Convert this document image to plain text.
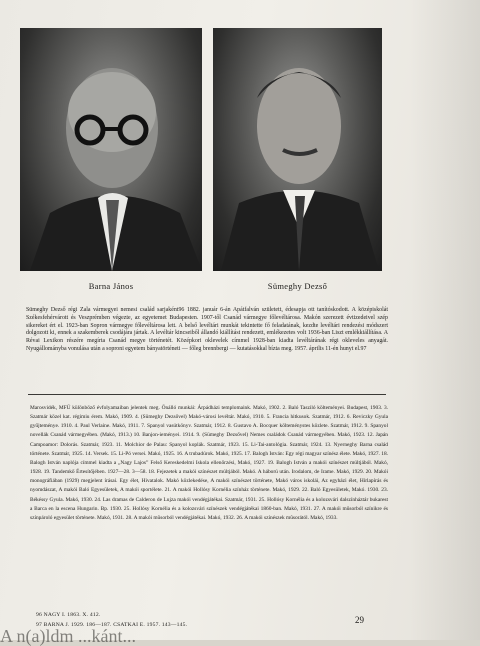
Barna János	Sümeghy Dezső

Sümeghy Dezső régi Zala vármegyei nemesi család sarjaként96 1882. január 6-án Apátfalván született, édesapja ott tanítóskodott. A középiskolát Székesfehérvárott és Veszprémben végezte, az egyetemet Budapesten. 1907-től Csanád vármegye főlevéltárosa. Makón szerezett évtizedeivel szép sikereket ért el. 1923-ban Sopron vármegye főlevéltárosa lett. A belső levéltári munkát tekintette fő feladatának, kezdte levéltári rendezési módszert dolgozott ki, ennek a szakemberek csodájára jártak. A levéltár kincseiből állandó kiállítást rendezett, emlékezetes volt 1936-ban Liszt emlékkiállítása. A Révai Lexikon részére megírta Csanád megye történetét. Középkori oklevelek címmel 1928-ban kiadta levéltárának régi okleveles anyagát. Nyugállományba vonulása után a soproni egyetem bányatörténeti — főleg brennbergi — kutatásokkal bízta meg. 1957. április 11-én hunyt el.97

Marosvidék, MFÜ különböző évfolyamaiban jelentek meg. Önálló munkái: Árpádházi templomaink. Makó, 1902. 2. Baló Tasziló költeményei. Budapest, 1903. 3. Szatmár közel kat. régimiu érem. Makó, 1909. 4. (Sümeghy Dezsővel) Makó-városi levéltár. Makó, 1910. 5. Francia hitkusok. Szatmár, 1912. 6. Reviczky Gyula gyűjteménye. 1910. 4. Paul Verlaine. Makó, 1911. 7. Spanyol vasútkönyv. Szatmár, 1912. 8. Gustavo A. Bocquer költeménystes közlete. Szatmár, 1912. 9. Spanyol novellák Csanád vármegyében. (Makó, 1913.) 10. Banjon-ieményei. 1914. 9. (Sümeghy Dezsővel) Nemes családok Csanád vármegyében. Makó, 1923. 12. Japán Campoamor: Dolorás. Szatmár, 1923. 11. Molchior de Palau: Spanyol koplák. Szatmár, 1923. 15. Li-Tai-antológia. Szatmár, 1924. 13. Nyerneghy Barna család története. Szatmár, 1925. 14. Versek. 15. Li-Pó versei. Makó, 1925. 16. A trubadúrok. Makó, 1925. 17. Balogh István: Egy régi magyar színész élete. Makó, 1927. 18. Balogh István naplója címmel kiadta a „Nagy Lajos” Felső Kereskedelmi Iskola ellenőrzési, Makó, 1927. 19. Balogh István a makói színészet múltjából. Makó, 1928. 19. Tandemkő Értesítőjében. 1927—28. 3—58. 18. Fejezetek a makói színészet múltjából. Makó. A háború után. Irodalom, de Irame. Makó, 1929. 20. Makói monográfiában (1929) megjelent írásai. Egy élet, Hivatalok. Makó közlekedése, A makói színészet története, Makó város iskolái, Az egyházi élet, Hírlapírás és nyomdászat, A makói Baló Egyesületek, A makói sportélete. 21. A makói Hollósy Kornélia színház története. Makó, 1929. 22. Baló Egyesületek, Makó. 1930. 23. Békéssy Gyula. Makó, 1930. 24. Las dramas de Calderon de Lujza makói vendégjátékai. Szatmár, 1931. 25. Hollósy Kornélia és a kolozsvári dalszínháztár bukarest a Barca en la escena Hungarin. Bp. 1930. 25. Hollósy Kornélia és a kolozsvári színészek vendégjátékai 1860-ban. Makó, 1931. 27. A makói mûsorból színikre és színpároló egyesület története. Makó, 1931. 28. A makói mûsorból vendégjátékai. Makó, 1932. 26. A makói színészek mûsorától. Makó, 1933.

96 NAGY I. 1863. X. 412.
97 BARNA J. 1929. 186—187. CSATKAI E. 1957. 143—145.	29
A n(a)ldm ...kánt...
